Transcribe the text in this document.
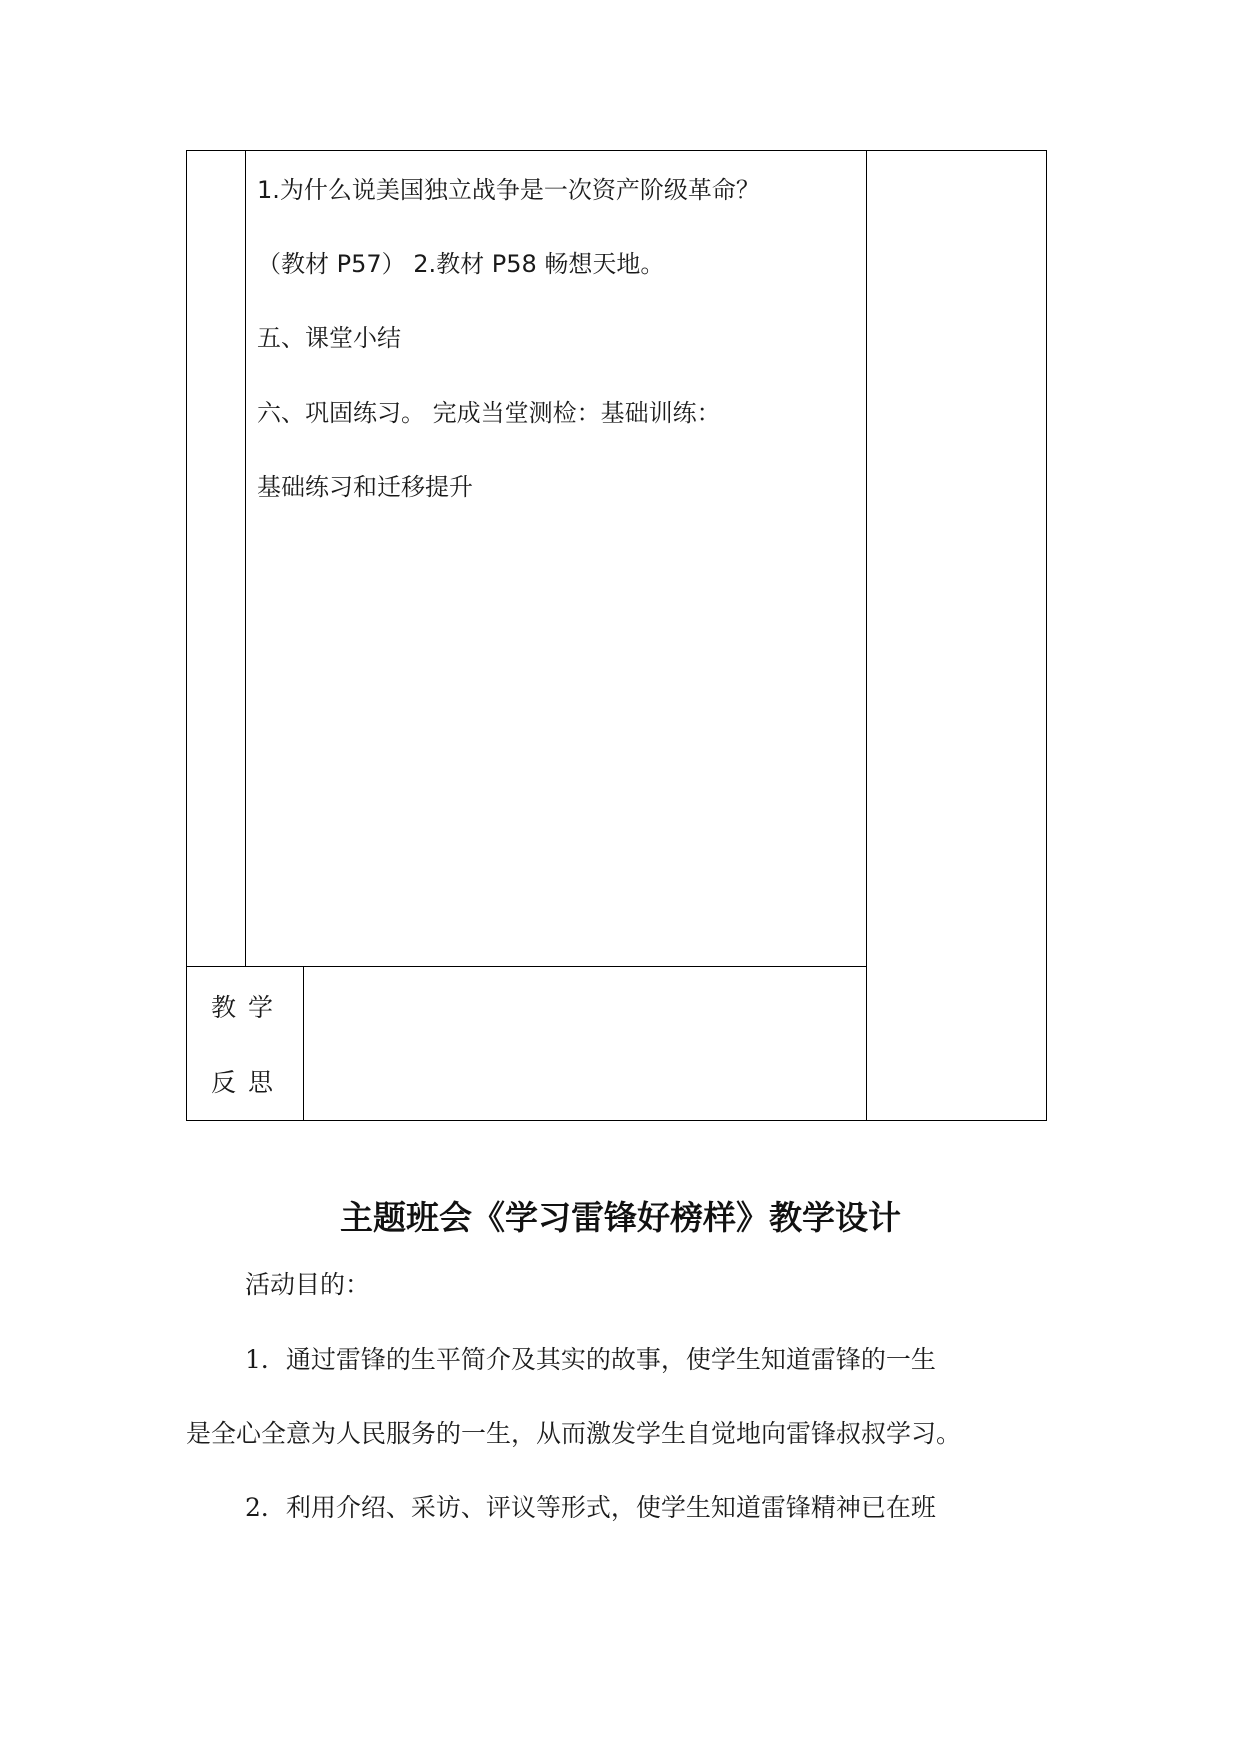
1.为什么说美国独立战争是一次资产阶级革命？
（教材 P57） 2.教材 P58 畅想天地。
五、课堂小结
六、巩固练习。 完成当堂测检：基础训练：
基础练习和迁移提升
教学
反思
主题班会《学习雷锋好榜样》教学设计
活动目的：
1．通过雷锋的生平简介及其实的故事，使学生知道雷锋的一生
是全心全意为人民服务的一生，从而激发学生自觉地向雷锋叔叔学习。
2．利用介绍、采访、评议等形式，使学生知道雷锋精神已在班
